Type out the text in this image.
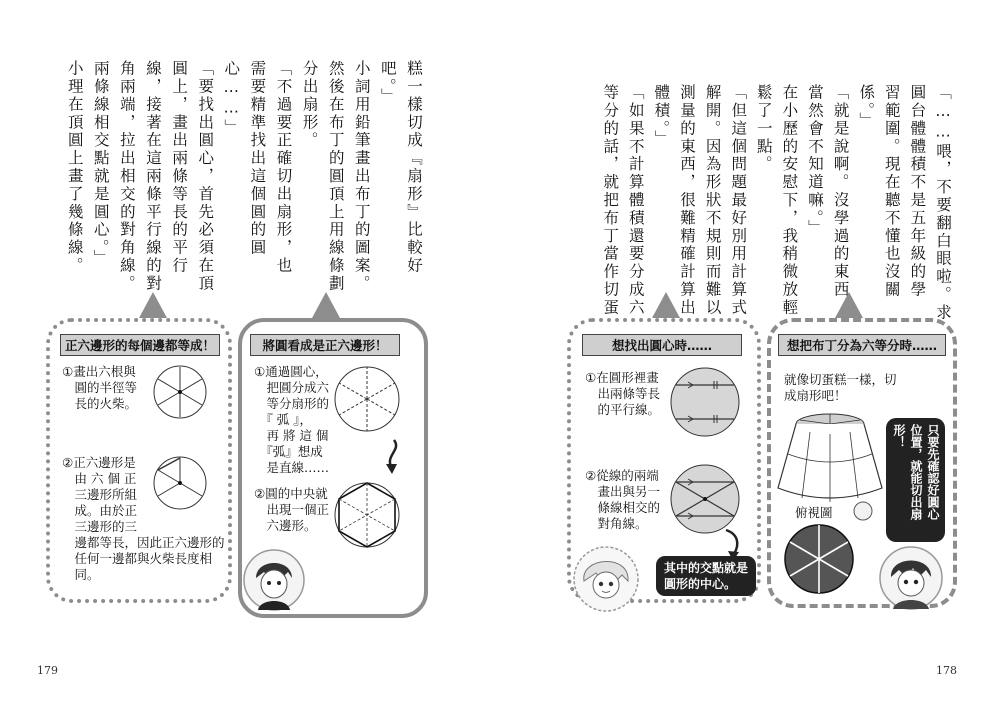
糕一樣切成『扇形』比較好
吧。」
小詞用鉛筆畫出布丁的圖案。
然後在布丁的圓頂上用線條劃
分出扇形。
「不過要正確切出扇形，也
需要精準找出這個圓的圓
心……」
「要找出圓心，首先必須在頂
圓上，畫出兩條等長的平行
線，接著在這兩條平行線的對
角兩端，拉出相交的對角線。
兩條線相交點就是圓心。」
小理在頂圓上畫了幾條線。
正六邊形的每個邊都等成！
①畫出六根與
　圓的半徑等
　長的火柴。
②正六邊形是
　由 六 個 正
　三邊形所組
　成。由於正
　三邊形的三
　邊都等長，因此正六邊形的
　任何一邊都與火柴長度相
　同。
將圓看成是正六邊形！
①通過圓心，
　把圓分成六
　等分扇形的
　『 弧 』，
　再 將 這 個
　『弧』想成
　是直線……
②圓的中央就
　出現一個正
　六邊形。
179
「……喂，不要翻白眼啦。求
圓台體體積不是五年級的學
習範圍。現在聽不懂也沒關
係。」
「就是說啊。沒學過的東西，
當然會不知道嘛。」
在小歷的安慰下，我稍微放輕
鬆了一點。
「但這個問題最好別用計算式
解開。因為形狀不規則而難以
測量的東西，很難精確計算出
體積。」
「如果不計算體積還要分成六
等分的話，就把布丁當作切蛋
想找出圓心時……
①在圓形裡畫
　出兩條等長
　的平行線。
②從線的兩端
　畫出與另一
　條線相交的
　對角線。
其中的交點就是
圓形的中心。
想把布丁分為六等分時……
就像切蛋糕一樣，切
成扇形吧！
俯視圖	只要先確認好圓心
位置，就能切出扇
形！
178
